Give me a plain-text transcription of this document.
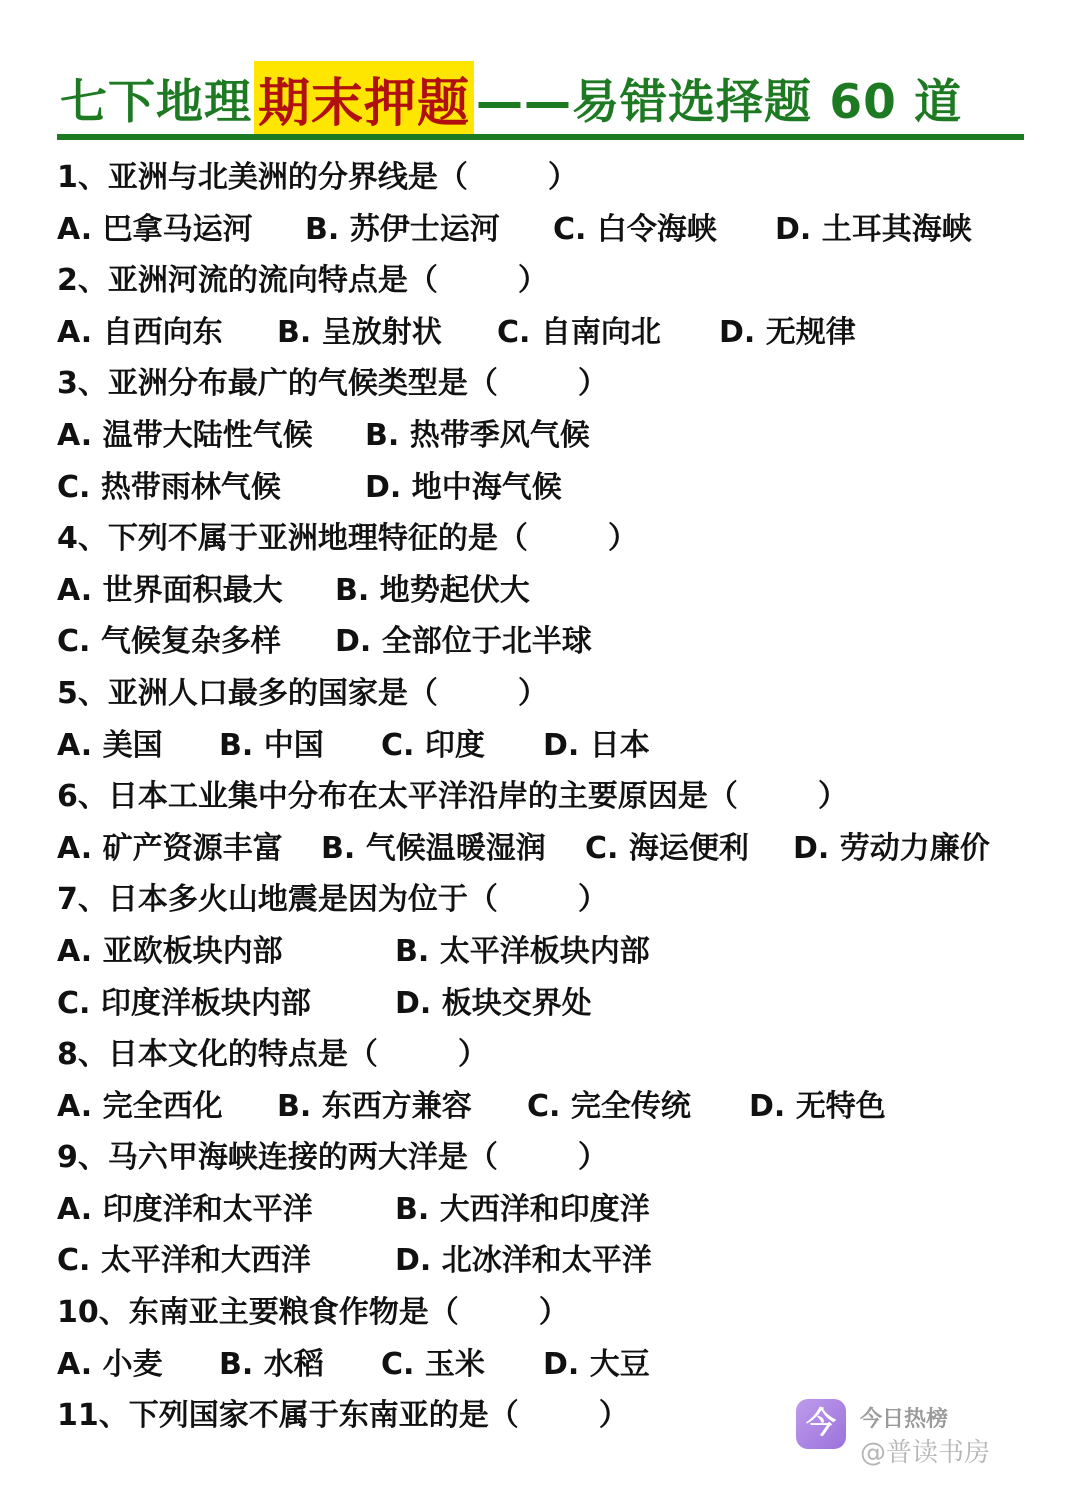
七下地理 期末押题 ——易错选择题 60 道
1、亚洲与北美洲的分界线是（	）
A. 巴拿马运河 B. 苏伊士运河 C. 白令海峡 D. 土耳其海峡
2、亚洲河流的流向特点是（	）
A. 自西向东 B. 呈放射状 C. 自南向北 D. 无规律
3、亚洲分布最广的气候类型是（	）
A. 温带大陆性气候 B. 热带季风气候
C. 热带雨林气候	D. 地中海气候
4、下列不属于亚洲地理特征的是（	）
A. 世界面积最大 B. 地势起伏大
C. 气候复杂多样 D. 全部位于北半球
5、亚洲人口最多的国家是（	）
A. 美国 B. 中国 C. 印度 D. 日本
6、日本工业集中分布在太平洋沿岸的主要原因是（	）
A. 矿产资源丰富 B. 气候温暖湿润 C. 海运便利 D. 劳动力廉价
7、日本多火山地震是因为位于（	）
A. 亚欧板块内部	B. 太平洋板块内部
C. 印度洋板块内部	D. 板块交界处
8、日本文化的特点是（	）
A. 完全西化 B. 东西方兼容 C. 完全传统 D. 无特色
9、马六甲海峡连接的两大洋是（	）
A. 印度洋和太平洋	B. 大西洋和印度洋
C. 太平洋和大西洋	D. 北冰洋和太平洋
10、东南亚主要粮食作物是（	）
A. 小麦 B. 水稻 C. 玉米 D. 大豆
11、下列国家不属于东南亚的是（	）	今	今日热榜
@普读书房
